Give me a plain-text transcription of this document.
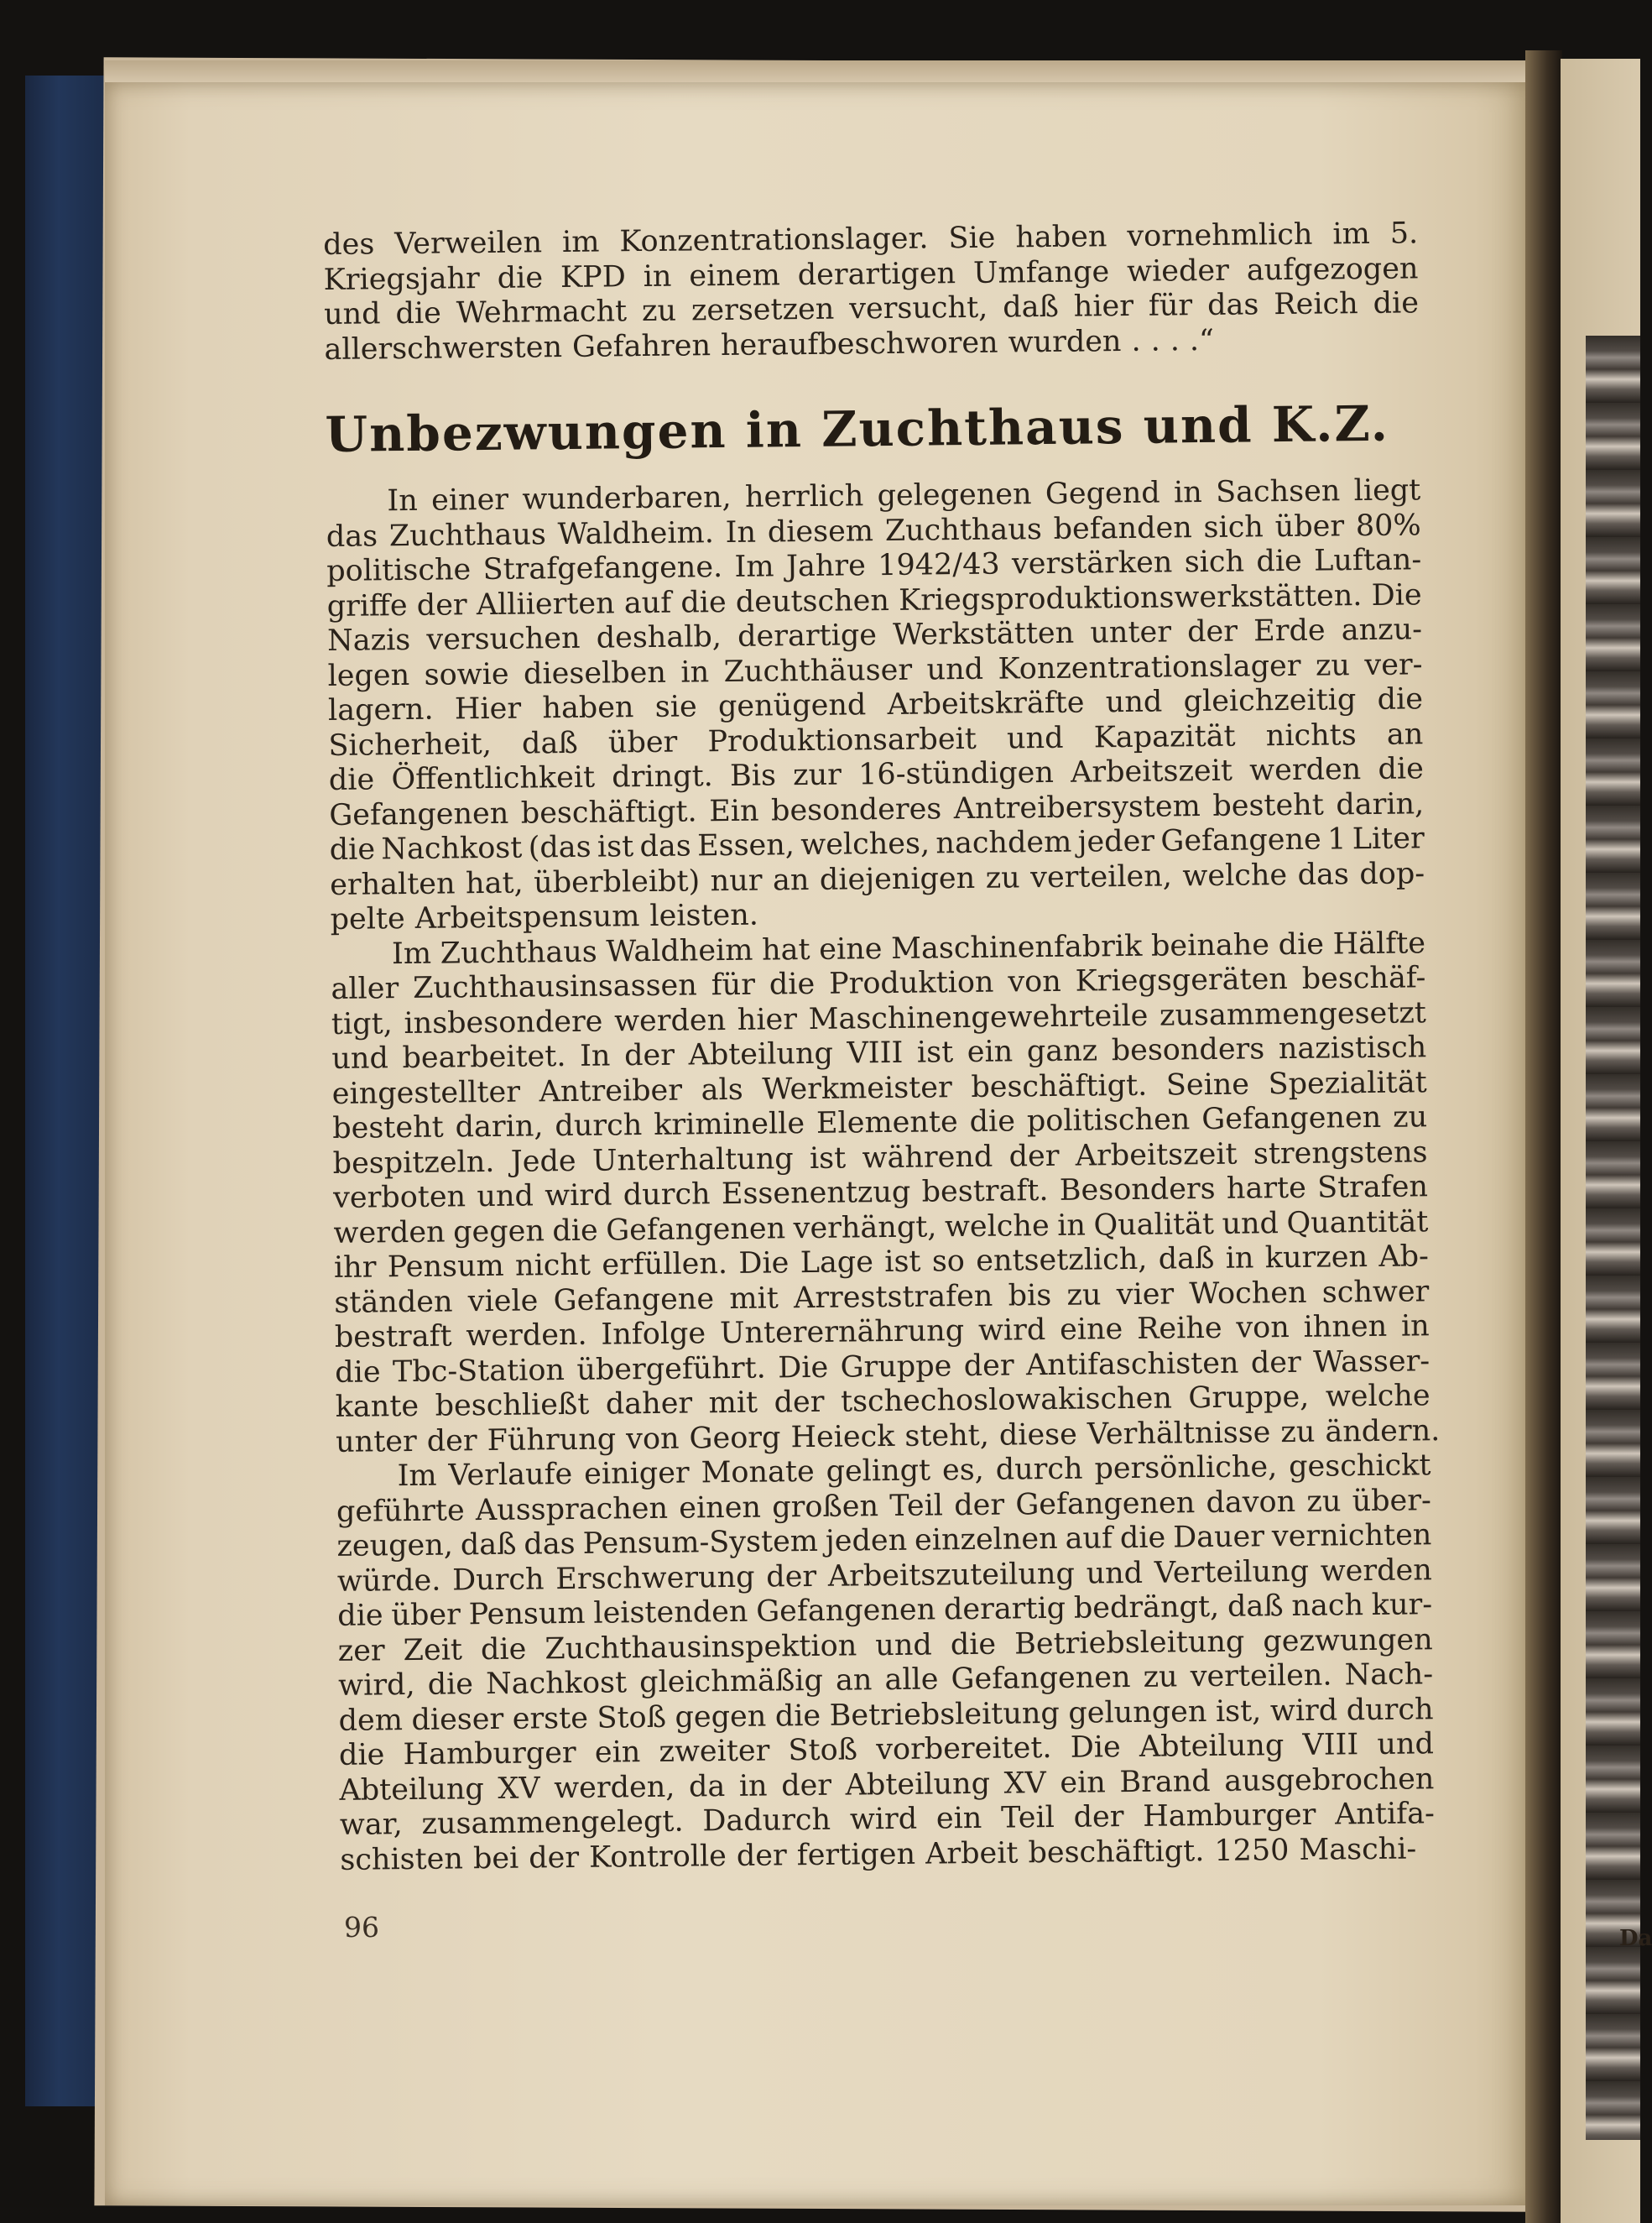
Da
des Verweilen im Konzentrationslager. Sie haben vornehmlich im 5.
Kriegsjahr die KPD in einem derartigen Umfange wieder aufgezogen
und die Wehrmacht zu zersetzen versucht, daß hier für das Reich die
allerschwersten Gefahren heraufbeschworen wurden . . . .“
Unbezwungen in Zuchthaus und K.Z.
In einer wunderbaren, herrlich gelegenen Gegend in Sachsen liegt
das Zuchthaus Waldheim. In diesem Zuchthaus befanden sich über 80%
politische Strafgefangene. Im Jahre 1942/43 verstärken sich die Luftan-
griffe der Alliierten auf die deutschen Kriegsproduktionswerkstätten. Die
Nazis versuchen deshalb, derartige Werkstätten unter der Erde anzu-
legen sowie dieselben in Zuchthäuser und Konzentrationslager zu ver-
lagern. Hier haben sie genügend Arbeitskräfte und gleichzeitig die
Sicherheit, daß über Produktionsarbeit und Kapazität nichts an
die Öffentlichkeit dringt. Bis zur 16-stündigen Arbeitszeit werden die
Gefangenen beschäftigt. Ein besonderes Antreibersystem besteht darin,
die Nachkost (das ist das Essen, welches, nachdem jeder Gefangene 1 Liter
erhalten hat, überbleibt) nur an diejenigen zu verteilen, welche das dop-
pelte Arbeitspensum leisten.
Im Zuchthaus Waldheim hat eine Maschinenfabrik beinahe die Hälfte
aller Zuchthausinsassen für die Produktion von Kriegsgeräten beschäf-
tigt, insbesondere werden hier Maschinengewehrteile zusammengesetzt
und bearbeitet. In der Abteilung VIII ist ein ganz besonders nazistisch
eingestellter Antreiber als Werkmeister beschäftigt. Seine Spezialität
besteht darin, durch kriminelle Elemente die politischen Gefangenen zu
bespitzeln. Jede Unterhaltung ist während der Arbeitszeit strengstens
verboten und wird durch Essenentzug bestraft. Besonders harte Strafen
werden gegen die Gefangenen verhängt, welche in Qualität und Quantität
ihr Pensum nicht erfüllen. Die Lage ist so entsetzlich, daß in kurzen Ab-
ständen viele Gefangene mit Arreststrafen bis zu vier Wochen schwer
bestraft werden. Infolge Unterernährung wird eine Reihe von ihnen in
die Tbc-Station übergeführt. Die Gruppe der Antifaschisten der Wasser-
kante beschließt daher mit der tschechoslowakischen Gruppe, welche
unter der Führung von Georg Heieck steht, diese Verhältnisse zu ändern.
Im Verlaufe einiger Monate gelingt es, durch persönliche, geschickt
geführte Aussprachen einen großen Teil der Gefangenen davon zu über-
zeugen, daß das Pensum-System jeden einzelnen auf die Dauer vernichten
würde. Durch Erschwerung der Arbeitszuteilung und Verteilung werden
die über Pensum leistenden Gefangenen derartig bedrängt, daß nach kur-
zer Zeit die Zuchthausinspektion und die Betriebsleitung gezwungen
wird, die Nachkost gleichmäßig an alle Gefangenen zu verteilen. Nach-
dem dieser erste Stoß gegen die Betriebsleitung gelungen ist, wird durch
die Hamburger ein zweiter Stoß vorbereitet. Die Abteilung VIII und
Abteilung XV werden, da in der Abteilung XV ein Brand ausgebrochen
war, zusammengelegt. Dadurch wird ein Teil der Hamburger Antifa-
schisten bei der Kontrolle der fertigen Arbeit beschäftigt. 1250 Maschi-
96
